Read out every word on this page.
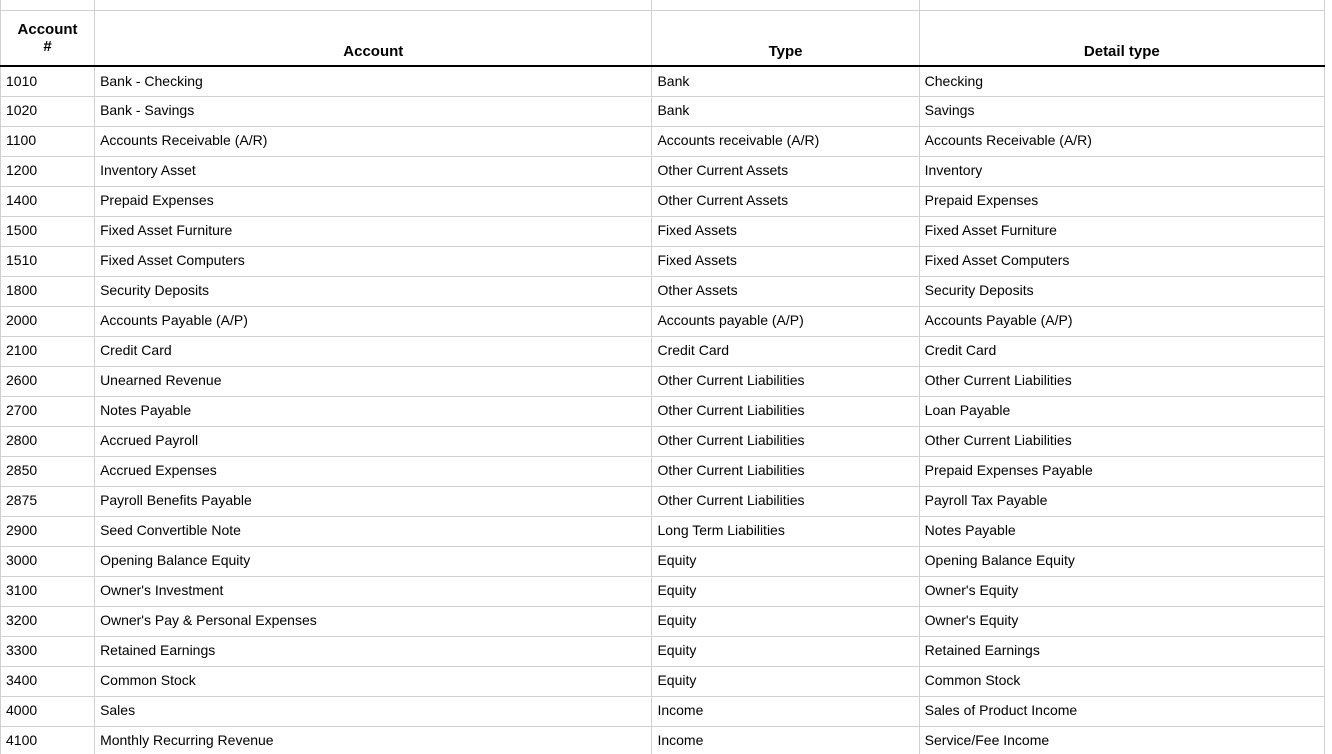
Account
#	Account	Type	Detail type
1010	Bank - Checking	Bank	Checking
1020	Bank - Savings	Bank	Savings
1100	Accounts Receivable (A/R)	Accounts receivable (A/R)	Accounts Receivable (A/R)
1200	Inventory Asset	Other Current Assets	Inventory
1400	Prepaid Expenses	Other Current Assets	Prepaid Expenses
1500	Fixed Asset Furniture	Fixed Assets	Fixed Asset Furniture
1510	Fixed Asset Computers	Fixed Assets	Fixed Asset Computers
1800	Security Deposits	Other Assets	Security Deposits
2000	Accounts Payable (A/P)	Accounts payable (A/P)	Accounts Payable (A/P)
2100	Credit Card	Credit Card	Credit Card
2600	Unearned Revenue	Other Current Liabilities	Other Current Liabilities
2700	Notes Payable	Other Current Liabilities	Loan Payable
2800	Accrued Payroll	Other Current Liabilities	Other Current Liabilities
2850	Accrued Expenses	Other Current Liabilities	Prepaid Expenses Payable
2875	Payroll Benefits Payable	Other Current Liabilities	Payroll Tax Payable
2900	Seed Convertible Note	Long Term Liabilities	Notes Payable
3000	Opening Balance Equity	Equity	Opening Balance Equity
3100	Owner's Investment	Equity	Owner's Equity
3200	Owner's Pay & Personal Expenses	Equity	Owner's Equity
3300	Retained Earnings	Equity	Retained Earnings
3400	Common Stock	Equity	Common Stock
4000	Sales	Income	Sales of Product Income
4100	Monthly Recurring Revenue	Income	Service/Fee Income
